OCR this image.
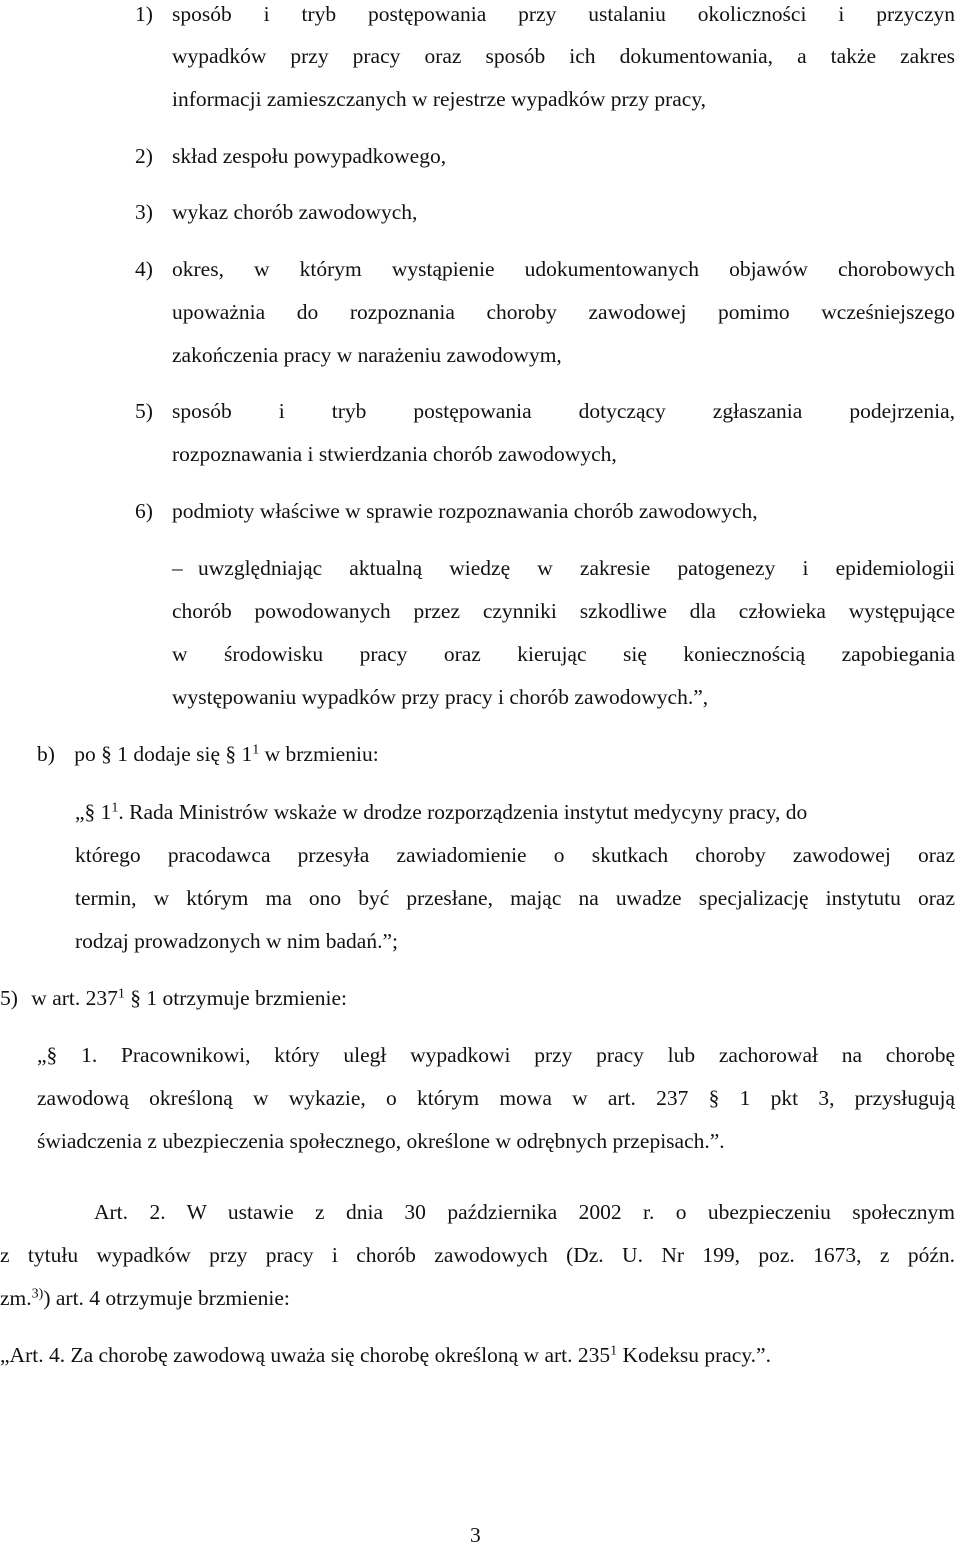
1) sposób i tryb postępowania przy ustalaniu okoliczności i przyczyn
wypadków przy pracy oraz sposób ich dokumentowania, a także zakres
informacji zamieszczanych w rejestrze wypadków przy pracy,
2) skład zespołu powypadkowego,
3) wykaz chorób zawodowych,
4) okres, w którym wystąpienie udokumentowanych objawów chorobowych
upoważnia do rozpoznania choroby zawodowej pomimo wcześniejszego
zakończenia pracy w narażeniu zawodowym,
5) sposób i tryb postępowania dotyczący zgłaszania podejrzenia,
rozpoznawania i stwierdzania chorób zawodowych,
6) podmioty właściwe w sprawie rozpoznawania chorób zawodowych,
– uwzględniając aktualną wiedzę w zakresie patogenezy i epidemiologii
chorób powodowanych przez czynniki szkodliwe dla człowieka występujące
w środowisku pracy oraz kierując się koniecznością zapobiegania
występowaniu wypadków przy pracy i chorób zawodowych.”,
b) po § 1 dodaje się § $1^1$ w brzmieniu:
„§ $1^1$. Rada Ministrów wskaże w drodze rozporządzenia instytut medycyny pracy, do
którego pracodawca przesyła zawiadomienie o skutkach choroby zawodowej oraz
termin, w którym ma ono być przesłane, mając na uwadze specjalizację instytutu oraz
rodzaj prowadzonych w nim badań.”;
5) w art. $237^1$ § 1 otrzymuje brzmienie:
„§ 1. Pracownikowi, który uległ wypadkowi przy pracy lub zachorował na chorobę
zawodową określoną w wykazie, o którym mowa w art. 237 § 1 pkt 3, przysługują
świadczenia z ubezpieczenia społecznego, określone w odrębnych przepisach.”.
Art. 2. W ustawie z dnia 30 października 2002 r. o ubezpieczeniu społecznym
z tytułu wypadków przy pracy i chorób zawodowych (Dz. U. Nr 199, poz. 1673, z późn.
zm.$^{3)}$) art. 4 otrzymuje brzmienie:
„Art. 4. Za chorobę zawodową uważa się chorobę określoną w art. $235^1$ Kodeksu pracy.”.
3
